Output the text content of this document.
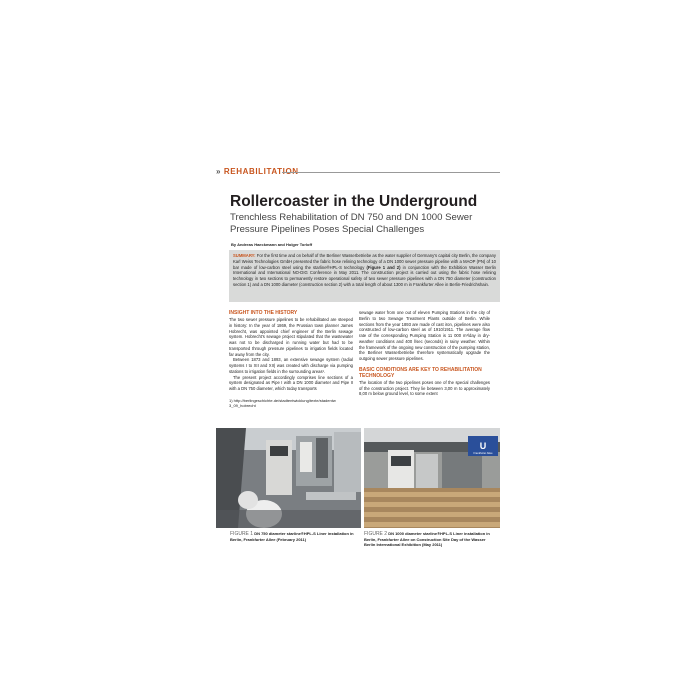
» REHABILITATION
Rollercoaster in the Underground
Trenchless Rehabilitation of DN 750 and DN 1000 Sewer Pressure Pipelines Poses Special Challenges
By Andreas Haeckmann and Holger Torloff

SUMMARY: For the first time and on behalf of the Berliner Wasserbetriebe as the water supplier of Germany's capital city Berlin, the company Karl Weiss Technologies GmbH presented the fabric hose relining technology of a DN 1000 sewer pressure pipeline with a MAOP (PN) of 10 bar made of low-carbon steel using the starline®HPL-S technology (Figure 1 and 2) in conjunction with the Exhibition Wasser Berlin International and International NO-DIG Conference in May 2011. The construction project is carried out using the fabric hose relining technology in two sections to permanently restore operational safety of two sewer pressure pipelines with a DN 750 diameter (construction section 1) and a DN 1000 diameter (construction section 2) with a total length of about 1300 m in Frankfurter Allee in Berlin-Friedrichshain.

INSIGHT INTO THE HISTORY

The two sewer pressure pipelines to be rehabilitated are steeped in history: In the year of 1869, the Prussian town planner James Hobrecht, was appointed chief engineer of the Berlin sewage system. Hobrecht's sewage project stipulated that the wastewater was not to be discharged in running water but had to be transported through pressure pipelines to irrigation fields located far away from the city.

Between 1873 and 1893, an extensive sewage system (radial systems I to XII and XII) was created with discharge via pumping stations to irrigation fields in the surrounding areas¹.

The present project accordingly comprises line sections of a system designated as Pipe I with a DN 1000 diameter and Pipe II with a DN 750 diameter, which today transports

1) http://berlingeschichte.de/stadtentwicklung/texte/stadentw 3_09_hobrecht

sewage water from one out of eleven Pumping Stations in the city of Berlin to two Sewage Treatment Plants outside of Berlin. While sections from the year 1893 are made of cast iron, pipelines were also constructed of low-carbon steel as of 1910/1911. The average flow rate of the corresponding Pumping Station is 11 000 m³/day in dry-weather conditions and 400 l/sec (seconds) in rainy weather. Within the framework of the ongoing new construction of the pumping station, the Berliner Wasserbetriebe therefore systematically upgrade the outgoing sewer pressure pipelines.

BASIC CONDITIONS ARE KEY TO REHABILITATION TECHNOLOGY

The location of the two pipelines poses one of the special challenges of the construction project. They lie between 3,00 m to approximately 8,00 m below ground level, to some extent

U
Frankfurter Allee
FIGURE 1 DN 750 diameter starline®HPL-S Liner installation in Berlin, Frankfurter Allee (February 2011)
FIGURE 2 DN 1000 diameter starline®HPL-S Liner installation in Berlin, Frankfurter Allee on Construction Site Day of the Wasser Berlin International Exhibition (May 2011)
